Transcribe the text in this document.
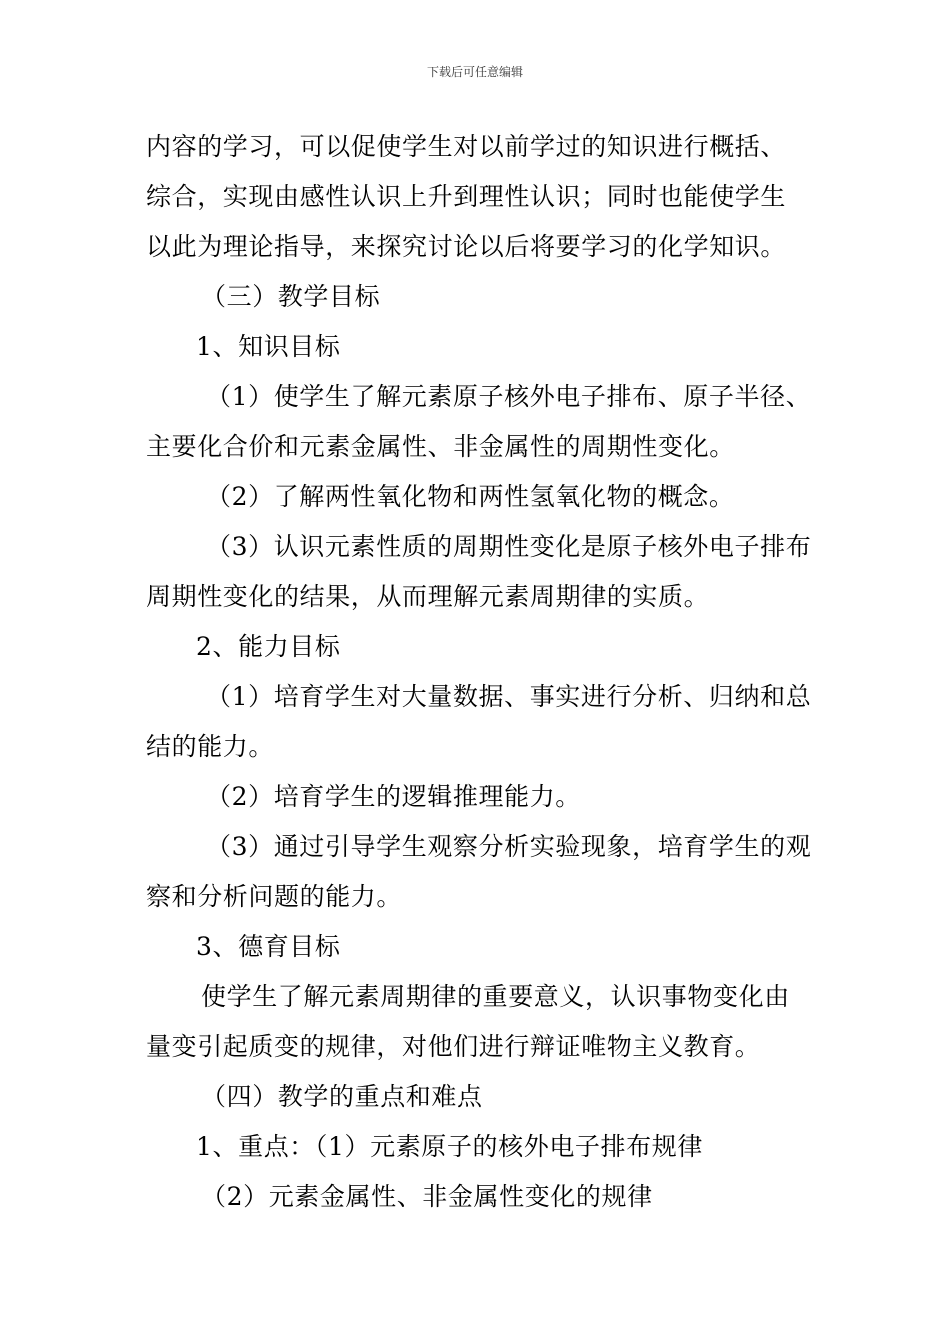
下载后可任意编辑
内容的学习，可以促使学生对以前学过的知识进行概括、
综合，实现由感性认识上升到理性认识；同时也能使学生
以此为理论指导，来探究讨论以后将要学习的化学知识。
（三）教学目标
1、知识目标
（1）使学生了解元素原子核外电子排布、原子半径、
主要化合价和元素金属性、非金属性的周期性变化。
（2）了解两性氧化物和两性氢氧化物的概念。
（3）认识元素性质的周期性变化是原子核外电子排布
周期性变化的结果，从而理解元素周期律的实质。
2、能力目标
（1）培育学生对大量数据、事实进行分析、归纳和总
结的能力。
（2）培育学生的逻辑推理能力。
（3）通过引导学生观察分析实验现象，培育学生的观
察和分析问题的能力。
3、德育目标
使学生了解元素周期律的重要意义，认识事物变化由
量变引起质变的规律，对他们进行辩证唯物主义教育。
（四）教学的重点和难点
1、重点：（1）元素原子的核外电子排布规律
（2）元素金属性、非金属性变化的规律
